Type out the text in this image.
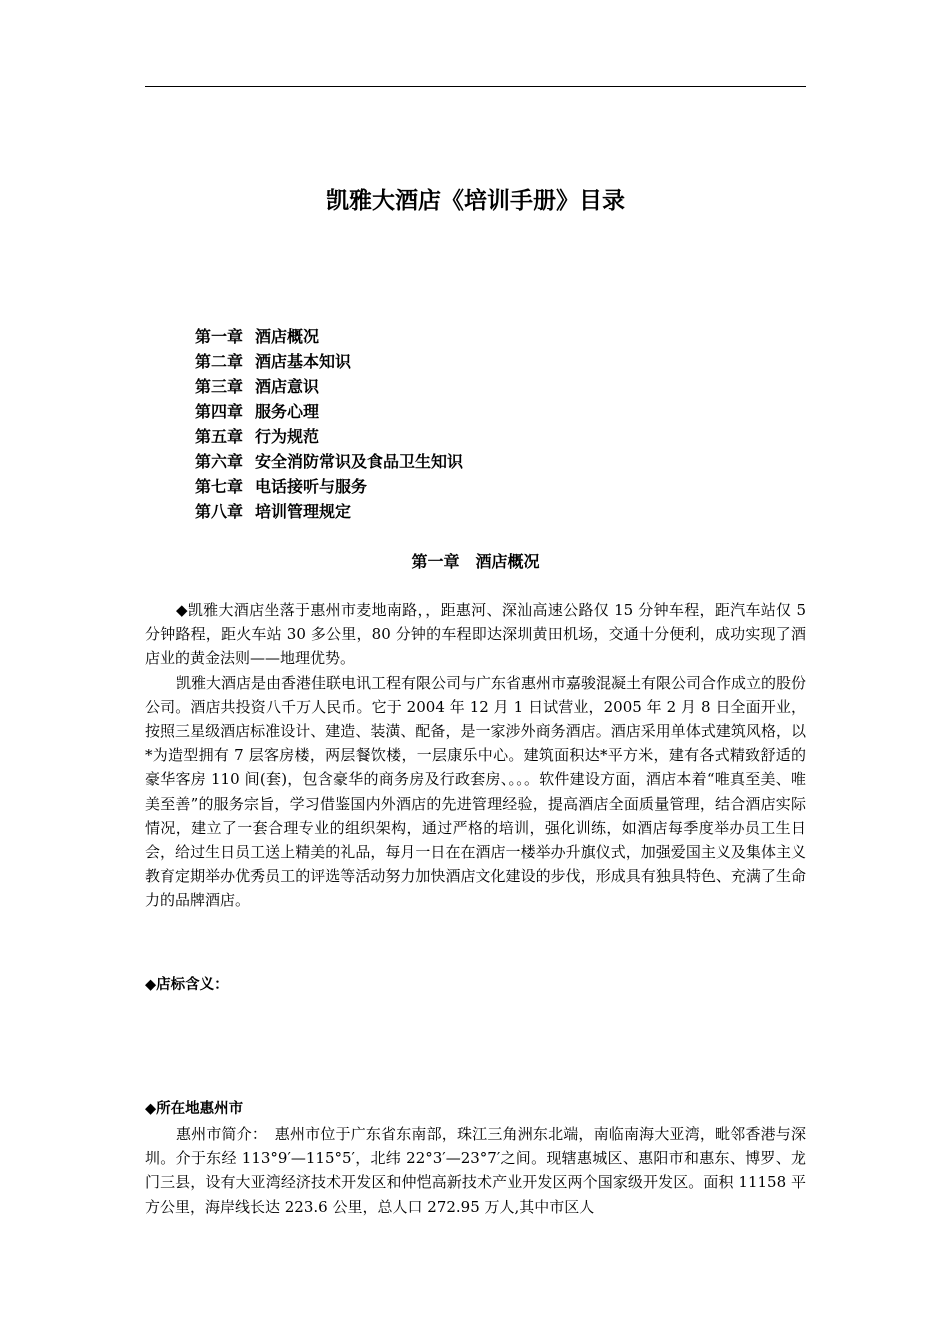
凯雅大酒店《培训手册》目录
第一章 酒店概况
第二章 酒店基本知识
第三章 酒店意识
第四章 服务心理
第五章 行为规范
第六章 安全消防常识及食品卫生知识
第七章 电话接听与服务
第八章 培训管理规定
第一章　 酒店概况

◆凯雅大酒店坐落于惠州市麦地南路，，距惠河、深汕高速公路仅 15 分钟车程，距汽车站仅 5 分钟路程，距火车站 30 多公里，80 分钟的车程即达深圳黄田机场，交通十分便利，成功实现了酒店业的黄金法则——地理优势。

凯雅大酒店是由香港佳联电讯工程有限公司与广东省惠州市嘉骏混凝土有限公司合作成立的股份公司。酒店共投资八千万人民币。它于 2004 年 12 月 1 日试营业，2005 年 2 月 8 日全面开业，按照三星级酒店标准设计、建造、装潢、配备，是一家涉外商务酒店。酒店采用单体式建筑风格，以*为造型拥有 7 层客房楼，两层餐饮楼，一层康乐中心。建筑面积达*平方米，建有各式精致舒适的豪华客房 110 间(套)，包含豪华的商务房及行政套房、。。。软件建设方面，酒店本着“唯真至美、唯美至善”的服务宗旨，学习借鉴国内外酒店的先进管理经验，提高酒店全面质量管理，结合酒店实际情况，建立了一套合理专业的组织架构，通过严格的培训，强化训练，如酒店每季度举办员工生日会，给过生日员工送上精美的礼品，每月一日在在酒店一楼举办升旗仪式，加强爱国主义及集体主义教育定期举办优秀员工的评选等活动努力加快酒店文化建设的步伐，形成具有独具特色、充满了生命力的品牌酒店。

◆店标含义：

◆所在地惠州市

惠州市简介：　惠州市位于广东省东南部，珠江三角洲东北端，南临南海大亚湾，毗邻香港与深圳。介于东经 113°9′—115°5′，北纬 22°3′—23°7′之间。现辖惠城区、惠阳市和惠东、博罗、龙门三县，设有大亚湾经济技术开发区和仲恺高新技术产业开发区两个国家级开发区。面积 11158 平方公里，海岸线长达 223.6 公里，总人口 272.95 万人,其中市区人
